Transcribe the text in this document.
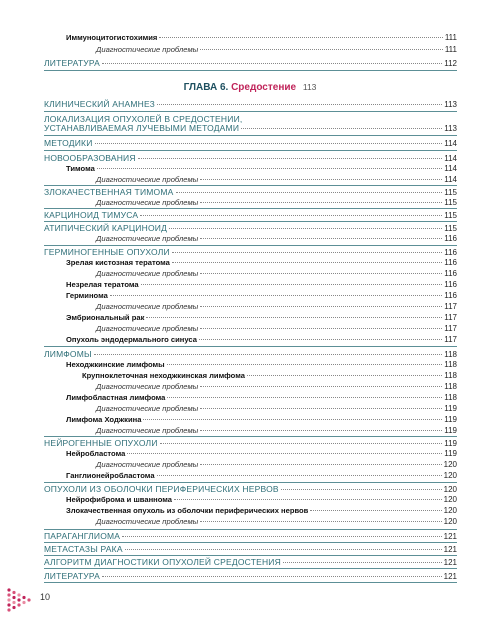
Иммуноцитогистохимия	111
Диагностические проблемы	111
ЛИТЕРАТУРА	112
ГЛАВА 6. Средостение 113
КЛИНИЧЕСКИЙ АНАМНЕЗ	113
ЛОКАЛИЗАЦИЯ ОПУХОЛЕЙ В СРЕДОСТЕНИИ,
УСТАНАВЛИВАЕМАЯ ЛУЧЕВЫМИ МЕТОДАМИ	113
МЕТОДИКИ	114
НОВООБРАЗОВАНИЯ	114
Тимома	114
Диагностические проблемы	114
ЗЛОКАЧЕСТВЕННАЯ ТИМОМА	115
Диагностические проблемы	115
КАРЦИНОИД ТИМУСА	115
АТИПИЧЕСКИЙ КАРЦИНОИД	115
Диагностические проблемы	116
ГЕРМИНОГЕННЫЕ ОПУХОЛИ	116
Зрелая кистозная тератома	116
Диагностические проблемы	116
Незрелая тератома	116
Герминома	116
Диагностические проблемы	117
Эмбриональный рак	117
Диагностические проблемы	117
Опухоль эндодермального синуса	117
ЛИМФОМЫ	118
Неходжкинские лимфомы	118
Крупноклеточная неходжкинская лимфома	118
Диагностические проблемы	118
Лимфобластная лимфома	118
Диагностические проблемы	119
Лимфома Ходжкина	119
Диагностические проблемы	119
НЕЙРОГЕННЫЕ ОПУХОЛИ	119
Нейробластома	119
Диагностические проблемы	120
Ганглионейробластома	120
ОПУХОЛИ ИЗ ОБОЛОЧКИ ПЕРИФЕРИЧЕСКИХ НЕРВОВ	120
Нейрофиброма и шваннома	120
Злокачественная опухоль из оболочки периферических нервов	120
Диагностические проблемы	120
ПАРАГАНГЛИОМА	121
МЕТАСТАЗЫ РАКА	121
АЛГОРИТМ ДИАГНОСТИКИ ОПУХОЛЕЙ СРЕДОСТЕНИЯ	121
ЛИТЕРАТУРА	121
10
